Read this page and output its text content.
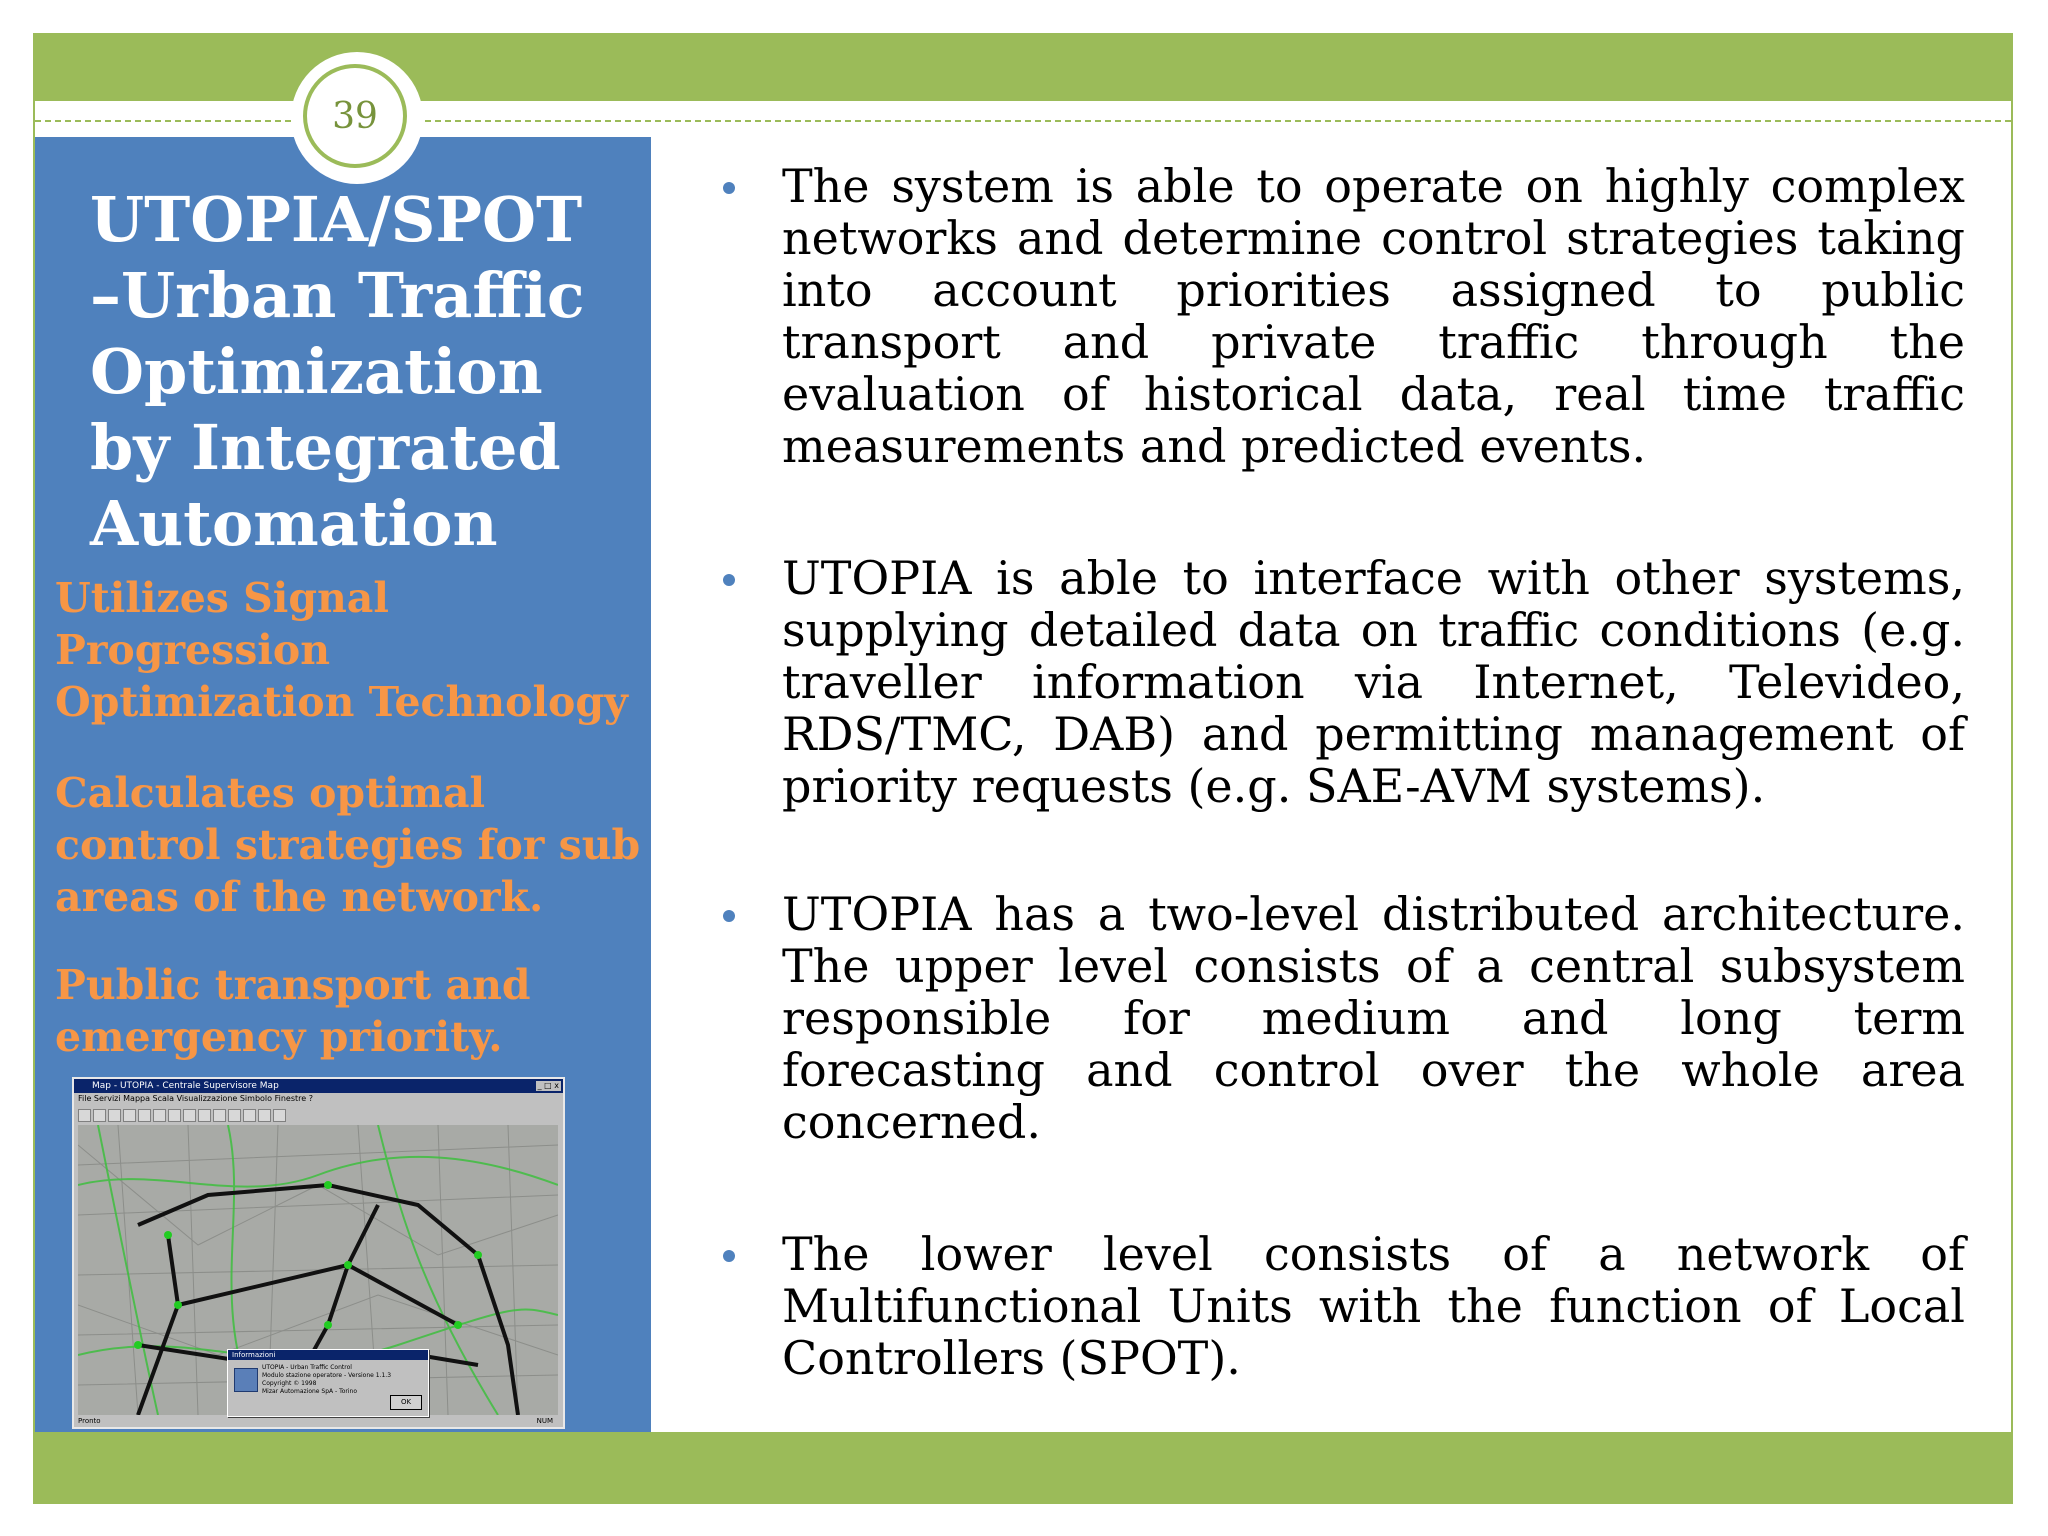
39
UTOPIA/SPOT
–Urban Traffic
Optimization
by Integrated
Automation
Utilizes Signal
Progression
Optimization Technology
Calculates optimal
control strategies for sub
areas of the network.
Public transport and
emergency priority.
Map - UTOPIA - Centrale Supervisore Map	_ □ x
File Servizi Mappa Scala Visualizzazione Simbolo Finestre ?
Informazioni
UTOPIA - Urban Traffic Control
Modulo stazione operatore - Versione 1.1.3
Copyright © 1998
Mizar Automazione SpA - Torino
OK
Pronto	NUM
The system is able to operate on highly complex
networks and determine control strategies taking
into account priorities assigned to public
transport and private traffic through the
evaluation of historical data, real time traffic
measurements and predicted events.
UTOPIA is able to interface with other systems,
supplying detailed data on traffic conditions (e.g.
traveller information via Internet, Televideo,
RDS/TMC, DAB) and permitting management of
priority requests (e.g. SAE-AVM systems).
UTOPIA has a two-level distributed architecture.
The upper level consists of a central subsystem
responsible for medium and long term
forecasting and control over the whole area
concerned.
The lower level consists of a network of
Multifunctional Units with the function of Local
Controllers (SPOT).
